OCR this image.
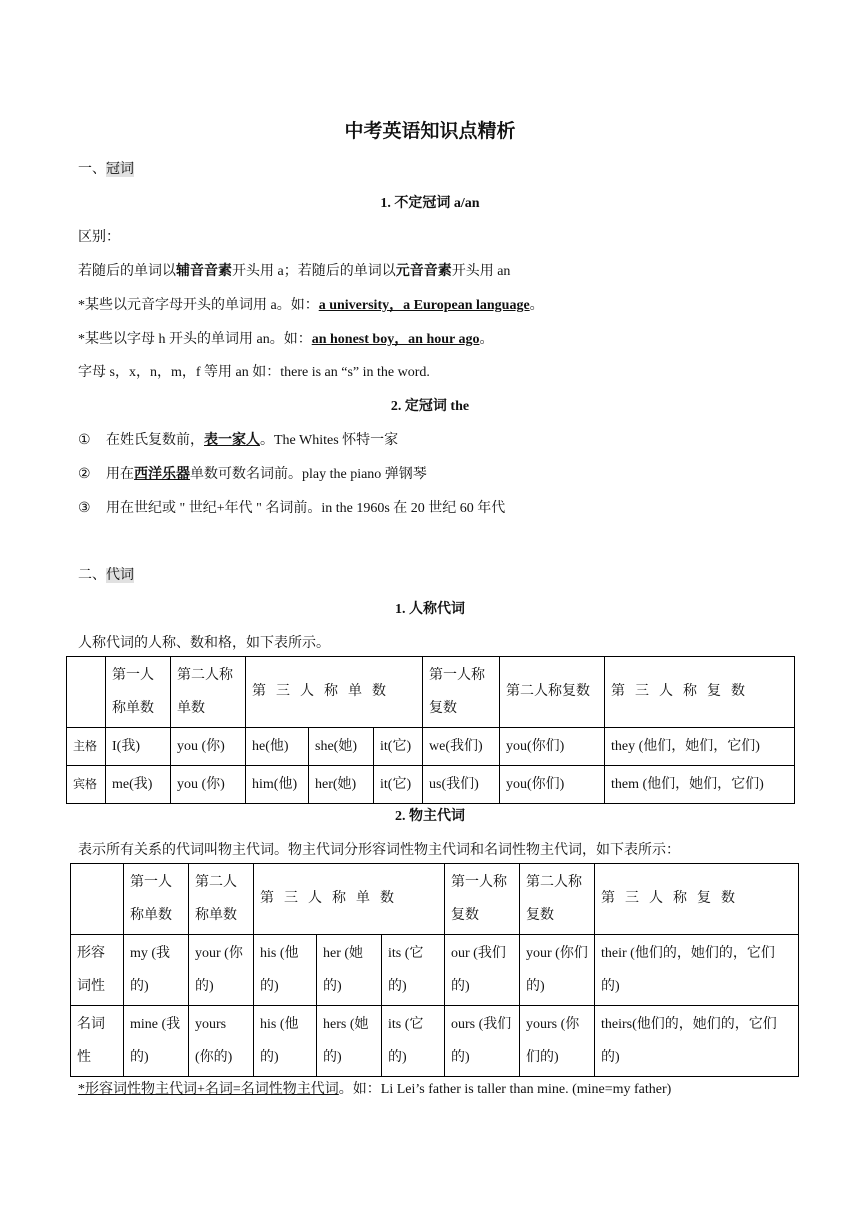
中考英语知识点精析
一、冠词
1. 不定冠词 a/an
区别：
若随后的单词以辅音音素开头用 a；若随后的单词以元音音素开头用 an
*某些以元音字母开头的单词用 a。如：a university，a European language。
*某些以字母 h 开头的单词用 an。如：an honest boy，an hour ago。
字母 s，x，n，m，f 等用 an 如：there is an “s” in the word.
2. 定冠词 the
① 在姓氏复数前，表一家人。The Whites 怀特一家
② 用在西洋乐器单数可数名词前。play the piano 弹钢琴
③ 用在世纪或 " 世纪+年代 " 名词前。in the 1960s 在 20 世纪 60 年代
二、代词
1. 人称代词
人称代词的人称、数和格，如下表所示。
	第一人称单数	第二人称单数	第三人称单数			第一人称复数	第二人称复数	第三人称复数
主格	I(我)	you (你)	he(他)	she(她)	it(它)	we(我们)	you(你们)	they (他们，她们，它们)
宾格	me(我)	you (你)	him(他)	her(她)	it(它)	us(我们)	you(你们)	them (他们，她们，它们)
2. 物主代词
表示所有关系的代词叫物主代词。物主代词分形容词性物主代词和名词性物主代词，如下表所示：
	第一人称单数	第二人称单数	第三人称单数			第一人称复数	第二人称复数	第三人称复数
形容词性	my (我的)	your (你的)	his (他的)	her (她的)	its (它的)	our (我们的)	your (你们的)	their (他们的，她们的，它们的)
名词性	mine (我的)	yours (你的)	his (他的)	hers (她的)	its (它的)	ours (我们的)	yours (你们的)	theirs(他们的，她们的，它们的)
*形容词性物主代词+名词=名词性物主代词。如：Li Lei’s father is taller than mine. (mine=my father)
